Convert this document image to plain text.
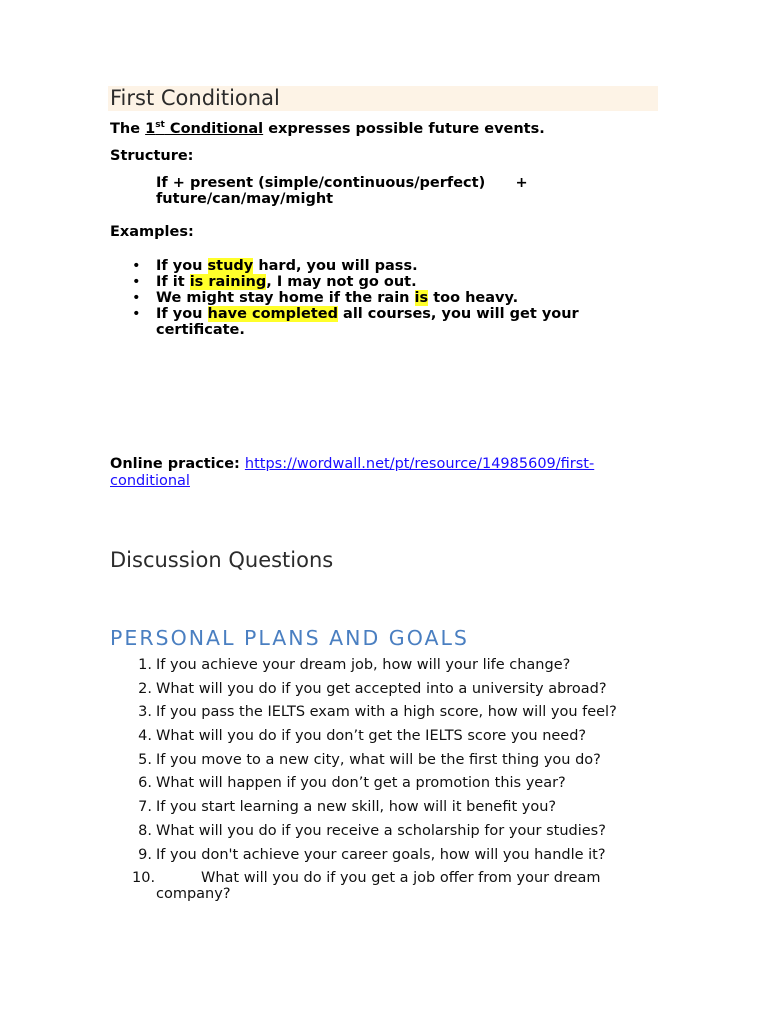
First Conditional
The 1st Conditional expresses possible future events.
Structure:
If + present (simple/continuous/perfect)      + future/can/may/might
Examples:
• If you study hard, you will pass.
• If it is raining, I may not go out.
• We might stay home if the rain is too heavy.
• If you have completed all courses, you will get your certificate.
Online practice: https://wordwall.net/pt/resource/14985609/first-conditional
Discussion Questions
PERSONAL PLANS AND GOALS
1. If you achieve your dream job, how will your life change?
2. What will you do if you get accepted into a university abroad?
3. If you pass the IELTS exam with a high score, how will you feel?
4. What will you do if you don’t get the IELTS score you need?
5. If you move to a new city, what will be the first thing you do?
6. What will happen if you don’t get a promotion this year?
7. If you start learning a new skill, how will it benefit you?
8. What will you do if you receive a scholarship for your studies?
9. If you don't achieve your career goals, how will you handle it?
10.	What will you do if you get a job offer from your dream company?
